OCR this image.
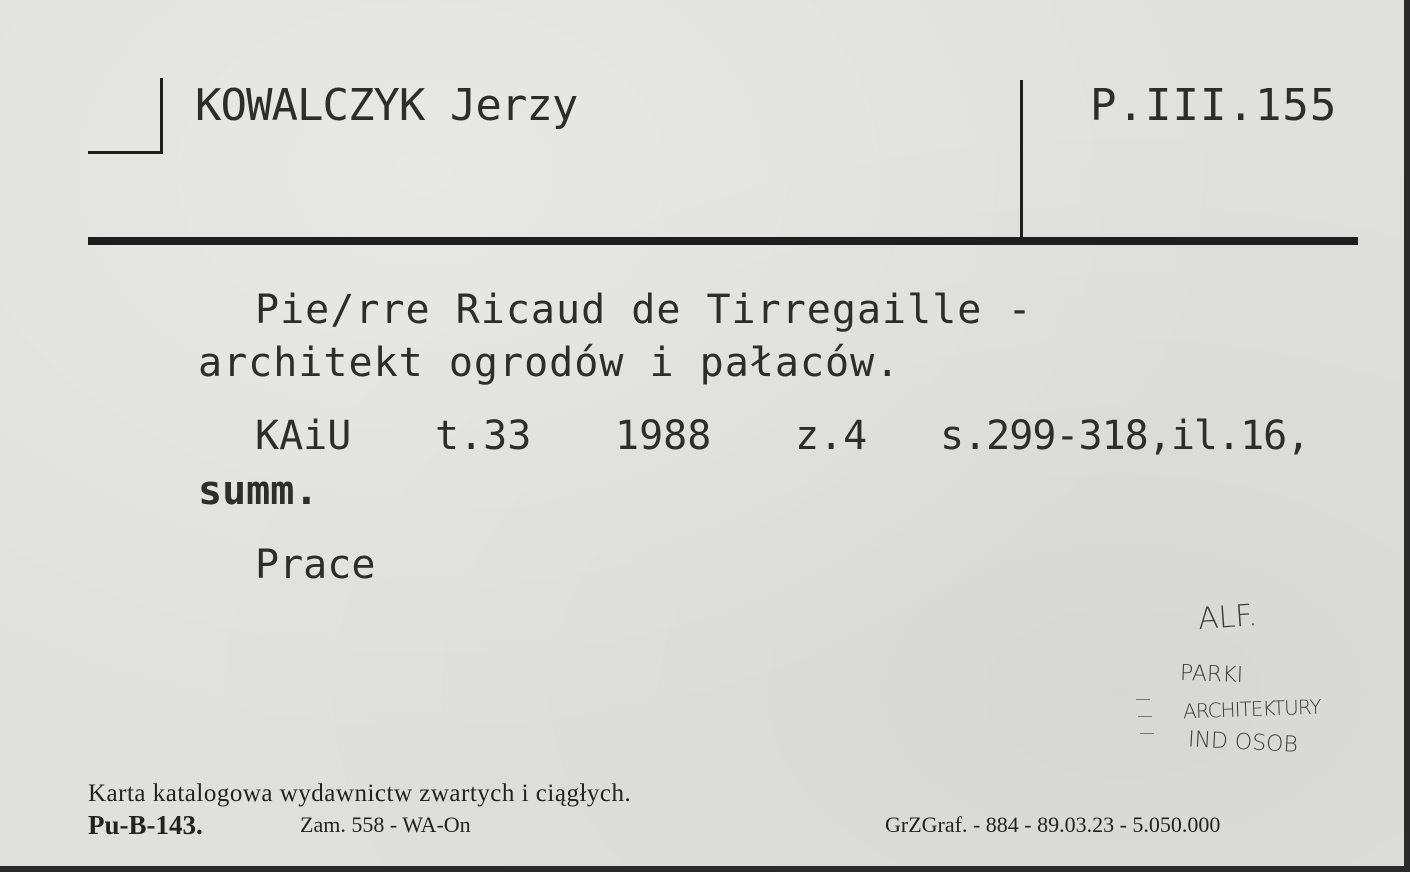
KOWALCZYK Jerzy	P.III.155
Pie∕rre Ricaud de Tirregaille -
architekt ogrodów i pałaców.
KAiU t.33 1988 z.4 s.299-318,il.16,
summ.
Prace
ALF.
PARKI
ARCHITEKTURY
IND OSOB
Karta katalogowa wydawnictw zwartych i ciągłych.
Pu-B-143.	Zam. 558 - WA-On	GrZGraf. - 884 - 89.03.23 - 5.050.000
